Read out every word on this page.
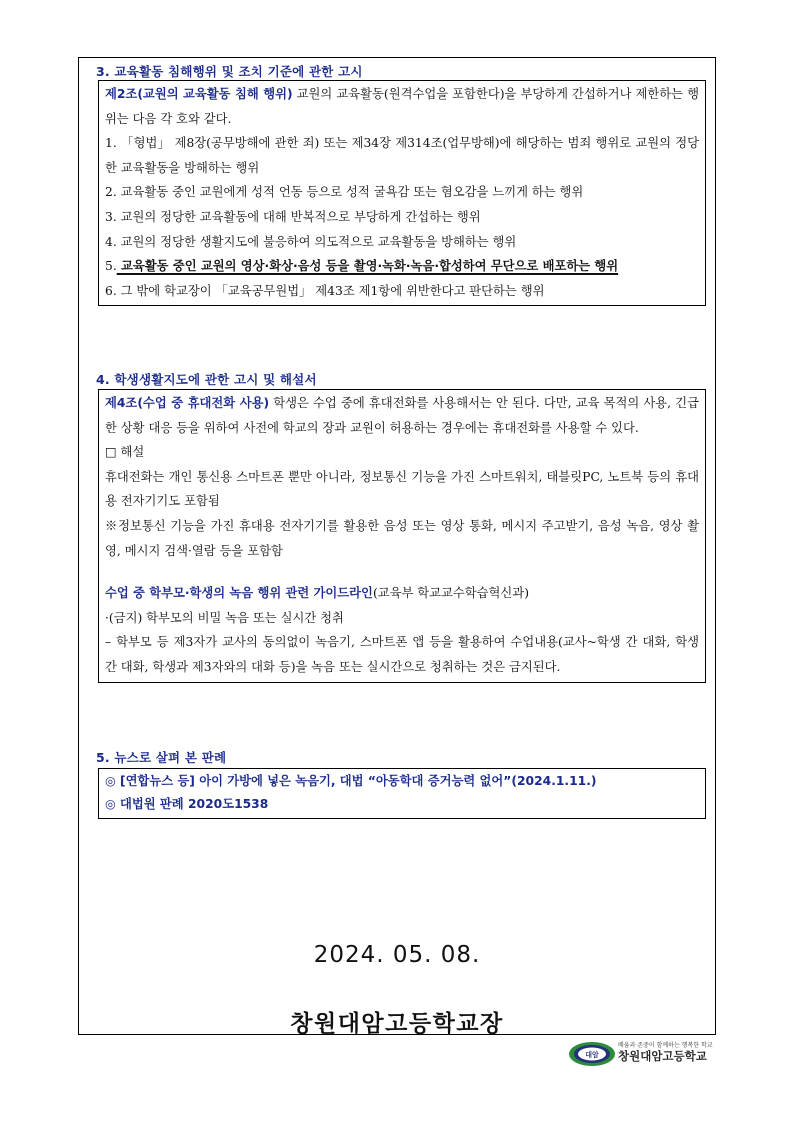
3. 교육활동 침해행위 및 조치 기준에 관한 고시

제2조(교원의 교육활동 침해 행위) 교원의 교육활동(원격수업을 포함한다)을 부당하게 간섭하거나 제한하는 행위는 다음 각 호와 같다.

1. 「형법」 제8장(공무방해에 관한 죄) 또는 제34장 제314조(업무방해)에 해당하는 범죄 행위로 교원의 정당한 교육활동을 방해하는 행위

2. 교육활동 중인 교원에게 성적 언동 등으로 성적 굴욕감 또는 혐오감을 느끼게 하는 행위

3. 교원의 정당한 교육활동에 대해 반복적으로 부당하게 간섭하는 행위

4. 교원의 정당한 생활지도에 불응하여 의도적으로 교육활동을 방해하는 행위

5. 교육활동 중인 교원의 영상·화상·음성 등을 촬영·녹화·녹음·합성하여 무단으로 배포하는 행위

6. 그 밖에 학교장이 「교육공무원법」 제43조 제1항에 위반한다고 판단하는 행위

4. 학생생활지도에 관한 고시 및 해설서

제4조(수업 중 휴대전화 사용) 학생은 수업 중에 휴대전화를 사용해서는 안 된다. 다만, 교육 목적의 사용, 긴급한 상황 대응 등을 위하여 사전에 학교의 장과 교원이 허용하는 경우에는 휴대전화를 사용할 수 있다.

□ 해설

휴대전화는 개인 통신용 스마트폰 뿐만 아니라, 정보통신 기능을 가진 스마트워치, 태블릿PC, 노트북 등의 휴대용 전자기기도 포함됨

※정보통신 기능을 가진 휴대용 전자기기를 활용한 음성 또는 영상 통화, 메시지 주고받기, 음성 녹음, 영상 촬영, 메시지 검색·열람 등을 포함함

수업 중 학부모·학생의 녹음 행위 관련 가이드라인(교육부 학교교수학습혁신과)

·(금지) 학부모의 비밀 녹음 또는 실시간 청취

– 학부모 등 제3자가 교사의 동의없이 녹음기, 스마트폰 앱 등을 활용하여 수업내용(교사~학생 간 대화, 학생 간 대화, 학생과 제3자와의 대화 등)을 녹음 또는 실시간으로 청취하는 것은 금지된다.

5. 뉴스로 살펴 본 판례

◎ [연합뉴스 등] 아이 가방에 넣은 녹음기, 대법 “아동학대 증거능력 없어”(2024.1.11.)

◎ 대법원 판례 2020도1538

2024. 05. 08.
창원대암고등학교장
대암
배움과 존중이 함께하는 행복한 학교
창원대암고등학교
